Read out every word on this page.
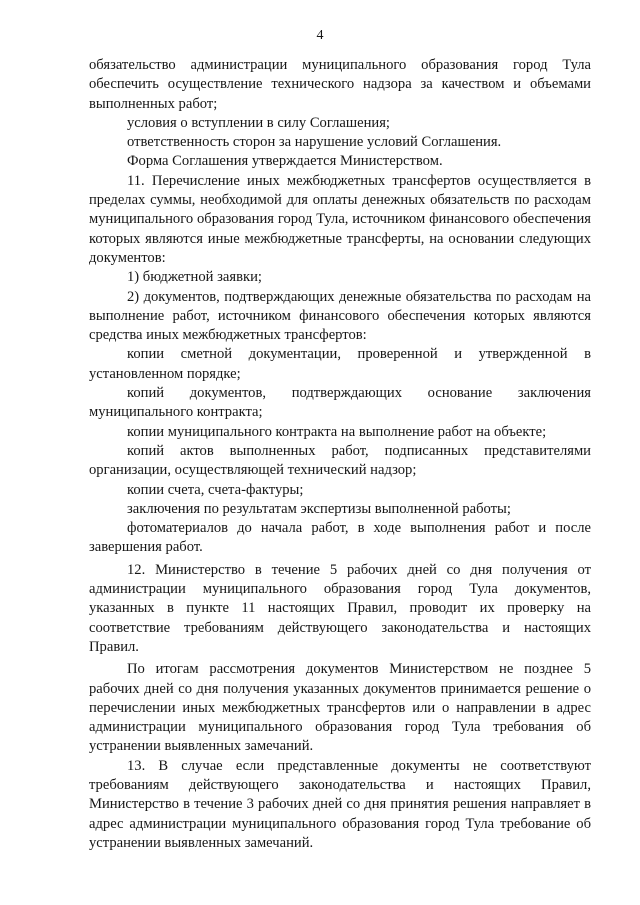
4

обязательство администрации муниципального образования город Тула обеспечить осуществление технического надзора за качеством и объемами выполненных работ;

условия о вступлении в силу Соглашения;

ответственность сторон за нарушение условий Соглашения.

Форма Соглашения утверждается Министерством.

11. Перечисление иных межбюджетных трансфертов осуществляется в пределах суммы, необходимой для оплаты денежных обязательств по расходам муниципального образования город Тула, источником финансового обеспечения которых являются иные межбюджетные трансферты, на основании следующих документов:

1) бюджетной заявки;

2) документов, подтверждающих денежные обязательства по расходам на выполнение работ, источником финансового обеспечения которых являются средства иных межбюджетных трансфертов:

копии сметной документации, проверенной и утвержденной в установленном порядке;

копий документов, подтверждающих основание заключения муниципального контракта;

копии муниципального контракта на выполнение работ на объекте;

копий актов выполненных работ, подписанных представителями организации, осуществляющей технический надзор;

копии счета, счета-фактуры;

заключения по результатам экспертизы выполненной работы;

фотоматериалов до начала работ, в ходе выполнения работ и после завершения работ.

12. Министерство в течение 5 рабочих дней со дня получения от администрации муниципального образования город Тула документов, указанных в пункте 11 настоящих Правил, проводит их проверку на соответствие требованиям действующего законодательства и настоящих Правил.

По итогам рассмотрения документов Министерством не позднее 5 рабочих дней со дня получения указанных документов принимается решение о перечислении иных межбюджетных трансфертов или о направлении в адрес администрации муниципального образования город Тула требования об устранении выявленных замечаний.

13. В случае если представленные документы не соответствуют требованиям действующего законодательства и настоящих Правил, Министерство в течение 3 рабочих дней со дня принятия решения направляет в адрес администрации муниципального образования город Тула требование об устранении выявленных замечаний.
